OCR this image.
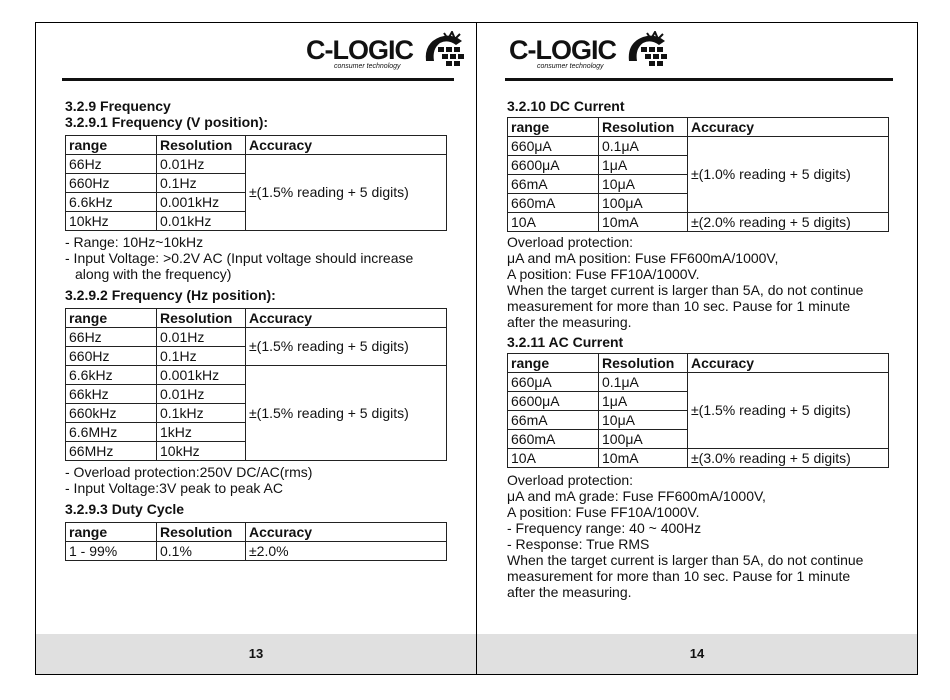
C-LOGIC
consumer technology
3.2.9 Frequency
3.2.9.1 Frequency (V position):
range	Resolution	Accuracy
66Hz	0.01Hz	±(1.5% reading + 5 digits)
660Hz	0.1Hz	
6.6kHz	0.001kHz	
10kHz	0.01kHz	
- Range: 10Hz~10kHz
- Input Voltage: >0.2V AC (Input voltage should increase
along with the frequency)
3.2.9.2 Frequency (Hz position):
range	Resolution	Accuracy
66Hz	0.01Hz	±(1.5% reading + 5 digits)
660Hz	0.1Hz	
6.6kHz	0.001kHz	±(1.5% reading + 5 digits)
66kHz	0.01Hz	
660kHz	0.1kHz	
6.6MHz	1kHz	
66MHz	10kHz	
- Overload protection:250V DC/AC(rms)
- Input Voltage:3V peak to peak AC
3.2.9.3 Duty Cycle
range	Resolution	Accuracy
1 - 99%	0.1%	±2.0%
13
C-LOGIC
consumer technology
3.2.10 DC Current
range	Resolution	Accuracy
660μA	0.1μA	±(1.0% reading + 5 digits)
6600μA	1μA	
66mA	10μA	
660mA	100μA	
10A	10mA	±(2.0% reading + 5 digits)
Overload protection:
μA and mA position: Fuse FF600mA/1000V,
A position: Fuse FF10A/1000V.
When the target current is larger than 5A, do not continue
measurement for more than 10 sec. Pause for 1 minute
after the measuring.
3.2.11 AC Current
range	Resolution	Accuracy
660μA	0.1μA	±(1.5% reading + 5 digits)
6600μA	1μA	
66mA	10μA	
660mA	100μA	
10A	10mA	±(3.0% reading + 5 digits)
Overload protection:
μA and mA grade: Fuse FF600mA/1000V,
A position: Fuse FF10A/1000V.
- Frequency range: 40 ~ 400Hz
- Response: True RMS
When the target current is larger than 5A, do not continue
measurement for more than 10 sec. Pause for 1 minute
after the measuring.
14
